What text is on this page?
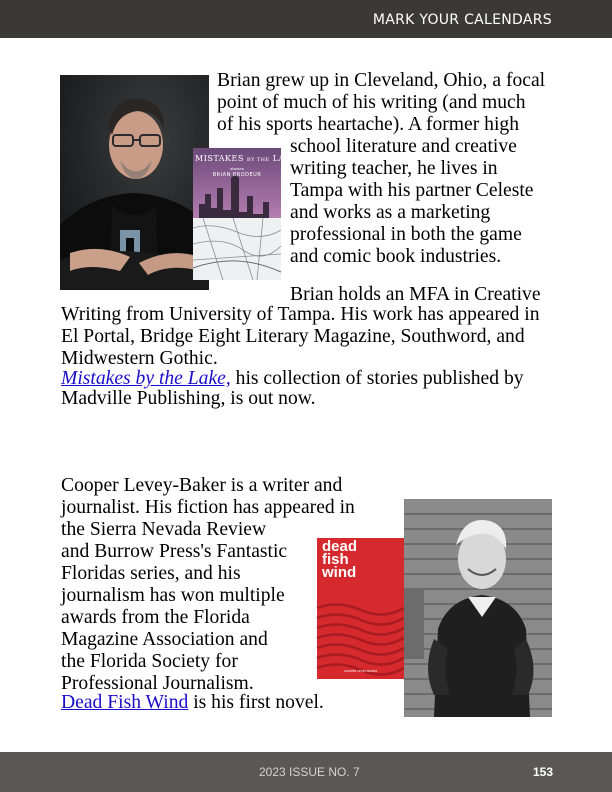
MARK YOUR CALENDARS
MISTAKES BY THE LAKE
stories
BRIAN BRODEUR

Brian grew up in Cleveland, Ohio, a focal

point of much of his writing (and much

of his sports heartache). A former high

school literature and creative

writing teacher, he lives in

Tampa with his partner Celeste

and works as a marketing

professional in both the game

and comic book industries.

Brian holds an MFA in Creative

Writing from University of Tampa. His work has appeared in

El Portal, Bridge Eight Literary Magazine, Southword, and

Midwestern Gothic.

Mistakes by the Lake, his collection of stories published by

Madville Publishing, is out now.

Cooper Levey-Baker is a writer and

journalist. His fiction has appeared in

the Sierra Nevada Review

and Burrow Press's Fantastic

Floridas series, and his

journalism has won multiple

awards from the Florida

Magazine Association and

the Florida Society for

Professional Journalism.

Dead Fish Wind is his first novel.

dead
fish
wind
COOPER LEVEY-BAKER
2023 ISSUE NO. 7	153
